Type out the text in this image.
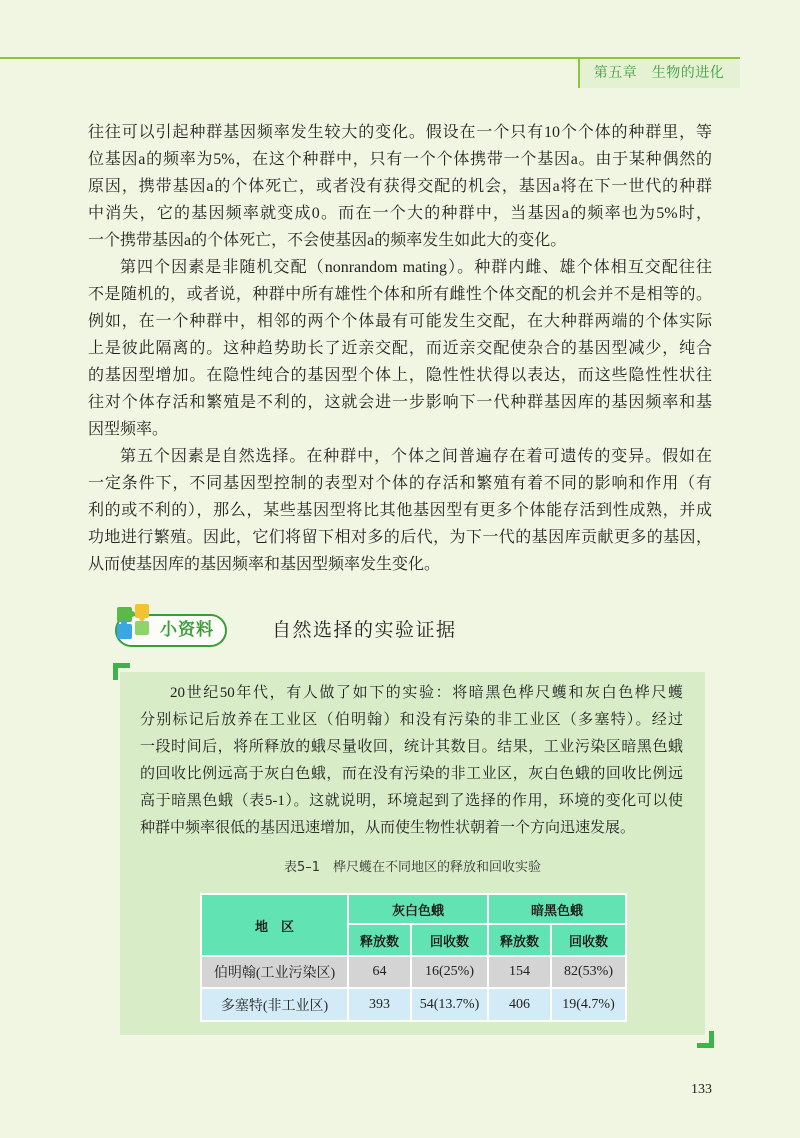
第五章　生物的进化
往往可以引起种群基因频率发生较大的变化。假设在一个只有10个个体的种群里，等
位基因a的频率为5%，在这个种群中，只有一个个体携带一个基因a。由于某种偶然的
原因，携带基因a的个体死亡，或者没有获得交配的机会，基因a将在下一世代的种群
中消失，它的基因频率就变成0。而在一个大的种群中，当基因a的频率也为5%时，
一个携带基因a的个体死亡，不会使基因a的频率发生如此大的变化。
第四个因素是非随机交配（nonrandom mating）。种群内雌、雄个体相互交配往往
不是随机的，或者说，种群中所有雄性个体和所有雌性个体交配的机会并不是相等的。
例如，在一个种群中，相邻的两个个体最有可能发生交配，在大种群两端的个体实际
上是彼此隔离的。这种趋势助长了近亲交配，而近亲交配使杂合的基因型减少，纯合
的基因型增加。在隐性纯合的基因型个体上，隐性性状得以表达，而这些隐性性状往
往对个体存活和繁殖是不利的，这就会进一步影响下一代种群基因库的基因频率和基
因型频率。
第五个因素是自然选择。在种群中，个体之间普遍存在着可遗传的变异。假如在
一定条件下，不同基因型控制的表型对个体的存活和繁殖有着不同的影响和作用（有
利的或不利的），那么，某些基因型将比其他基因型有更多个体能存活到性成熟，并成
功地进行繁殖。因此，它们将留下相对多的后代，为下一代的基因库贡献更多的基因，
从而使基因库的基因频率和基因型频率发生变化。
小资料	自然选择的实验证据
20世纪50年代，有人做了如下的实验：将暗黑色桦尺蠖和灰白色桦尺蠖
分别标记后放养在工业区（伯明翰）和没有污染的非工业区（多塞特）。经过
一段时间后，将所释放的蛾尽量收回，统计其数目。结果，工业污染区暗黑色蛾
的回收比例远高于灰白色蛾，而在没有污染的非工业区，灰白色蛾的回收比例远
高于暗黑色蛾（表5-1）。这就说明，环境起到了选择的作用，环境的变化可以使
种群中频率很低的基因迅速增加，从而使生物性状朝着一个方向迅速发展。
表5–1　桦尺蠖在不同地区的释放和回收实验
地　区	灰白色蛾		暗黑色蛾	
	释放数	回收数	释放数	回收数
伯明翰(工业污染区)	64	16(25%)	154	82(53%)
多塞特(非工业区)	393	54(13.7%)	406	19(4.7%)
133
